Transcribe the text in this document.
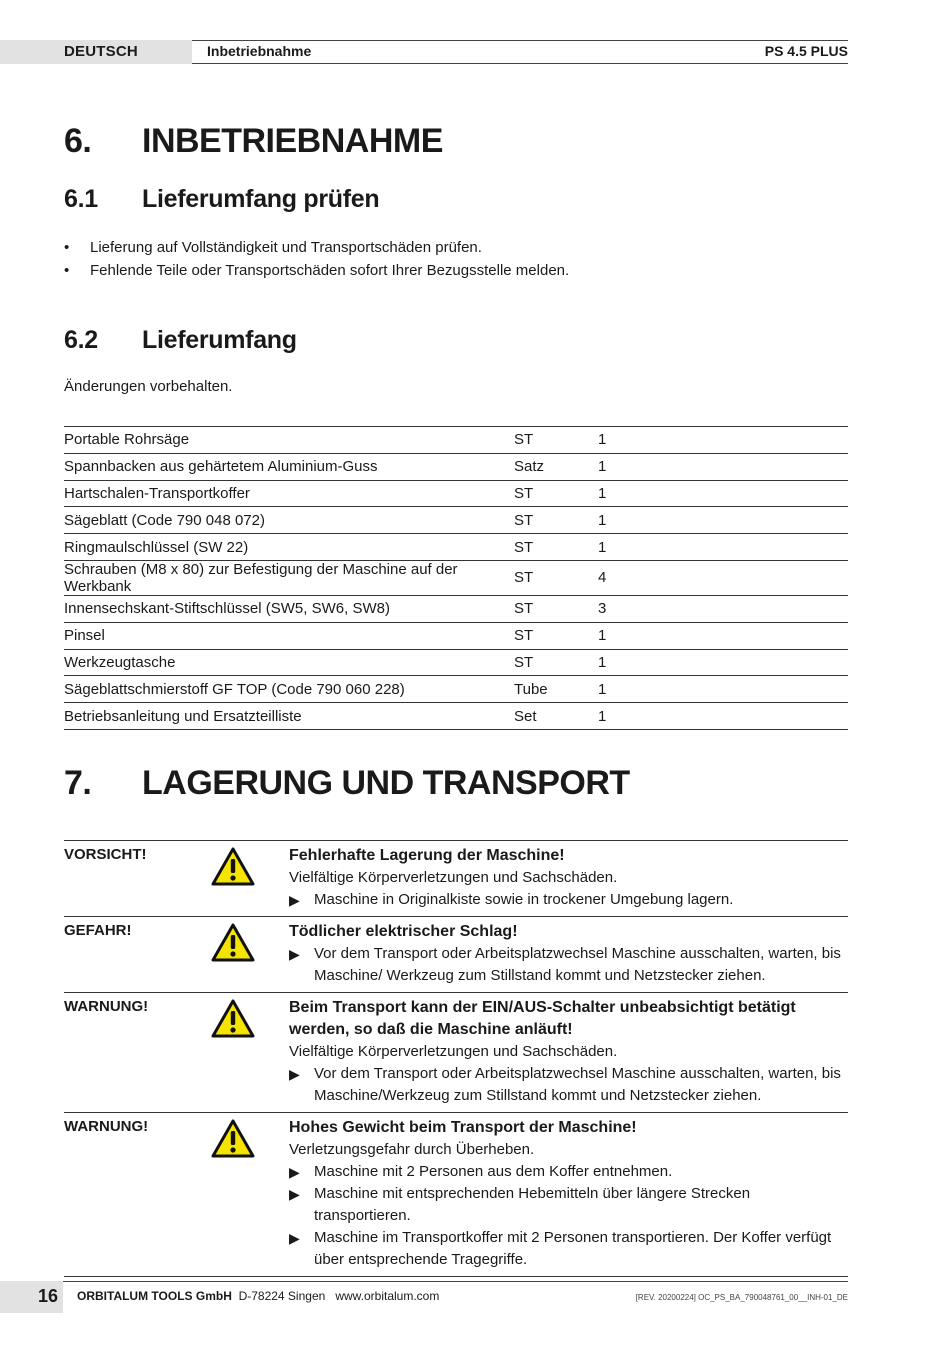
DEUTSCH	Inbetriebnahme	PS 4.5 PLUS
6. INBETRIEBNAHME
6.1 Lieferumfang prüfen
• Lieferung auf Vollständigkeit und Transportschäden prüfen.
• Fehlende Teile oder Transportschäden sofort Ihrer Bezugsstelle melden.
6.2 Lieferumfang
Änderungen vorbehalten.
Portable Rohrsäge	ST	1
Spannbacken aus gehärtetem Aluminium-Guss	Satz	1
Hartschalen-Transportkoffer	ST	1
Sägeblatt (Code 790 048 072)	ST	1
Ringmaulschlüssel (SW 22)	ST	1
Schrauben (M8 x 80) zur Befestigung der Maschine auf der Werkbank	ST	4
Innensechskant-Stiftschlüssel (SW5, SW6, SW8)	ST	3
Pinsel	ST	1
Werkzeugtasche	ST	1
Sägeblattschmierstoff GF TOP (Code 790 060 228)	Tube	1
Betriebsanleitung und Ersatzteilliste	Set	1
7. LAGERUNG UND TRANSPORT
VORSICHT!	Fehlerhafte Lagerung der Maschine!
Vielfältige Körperverletzungen und Sachschäden.
▶ Maschine in Originalkiste sowie in trockener Umgebung lagern.
GEFAHR!	Tödlicher elektrischer Schlag!
▶ Vor dem Transport oder Arbeitsplatzwechsel Maschine ausschalten, warten, bis Maschine/ Werkzeug zum Stillstand kommt und Netzstecker ziehen.
WARNUNG!	Beim Transport kann der EIN/AUS-Schalter unbeabsichtigt betätigt werden, so daß die Maschine anläuft!
Vielfältige Körperverletzungen und Sachschäden.
▶ Vor dem Transport oder Arbeitsplatzwechsel Maschine ausschalten, warten, bis Maschine/Werkzeug zum Stillstand kommt und Netzstecker ziehen.
WARNUNG!	Hohes Gewicht beim Transport der Maschine!
Verletzungsgefahr durch Überheben.
▶ Maschine mit 2 Personen aus dem Koffer entnehmen.
▶ Maschine mit entsprechenden Hebemitteln über längere Strecken transportieren.
▶ Maschine im Transportkoffer mit 2 Personen transportieren. Der Koffer verfügt über entsprechende Tragegriffe.
16 ORBITALUM TOOLS GmbH D-78224 Singen www.orbitalum.com	[REV. 20200224] OC_PS_BA_790048761_00__INH-01_DE
